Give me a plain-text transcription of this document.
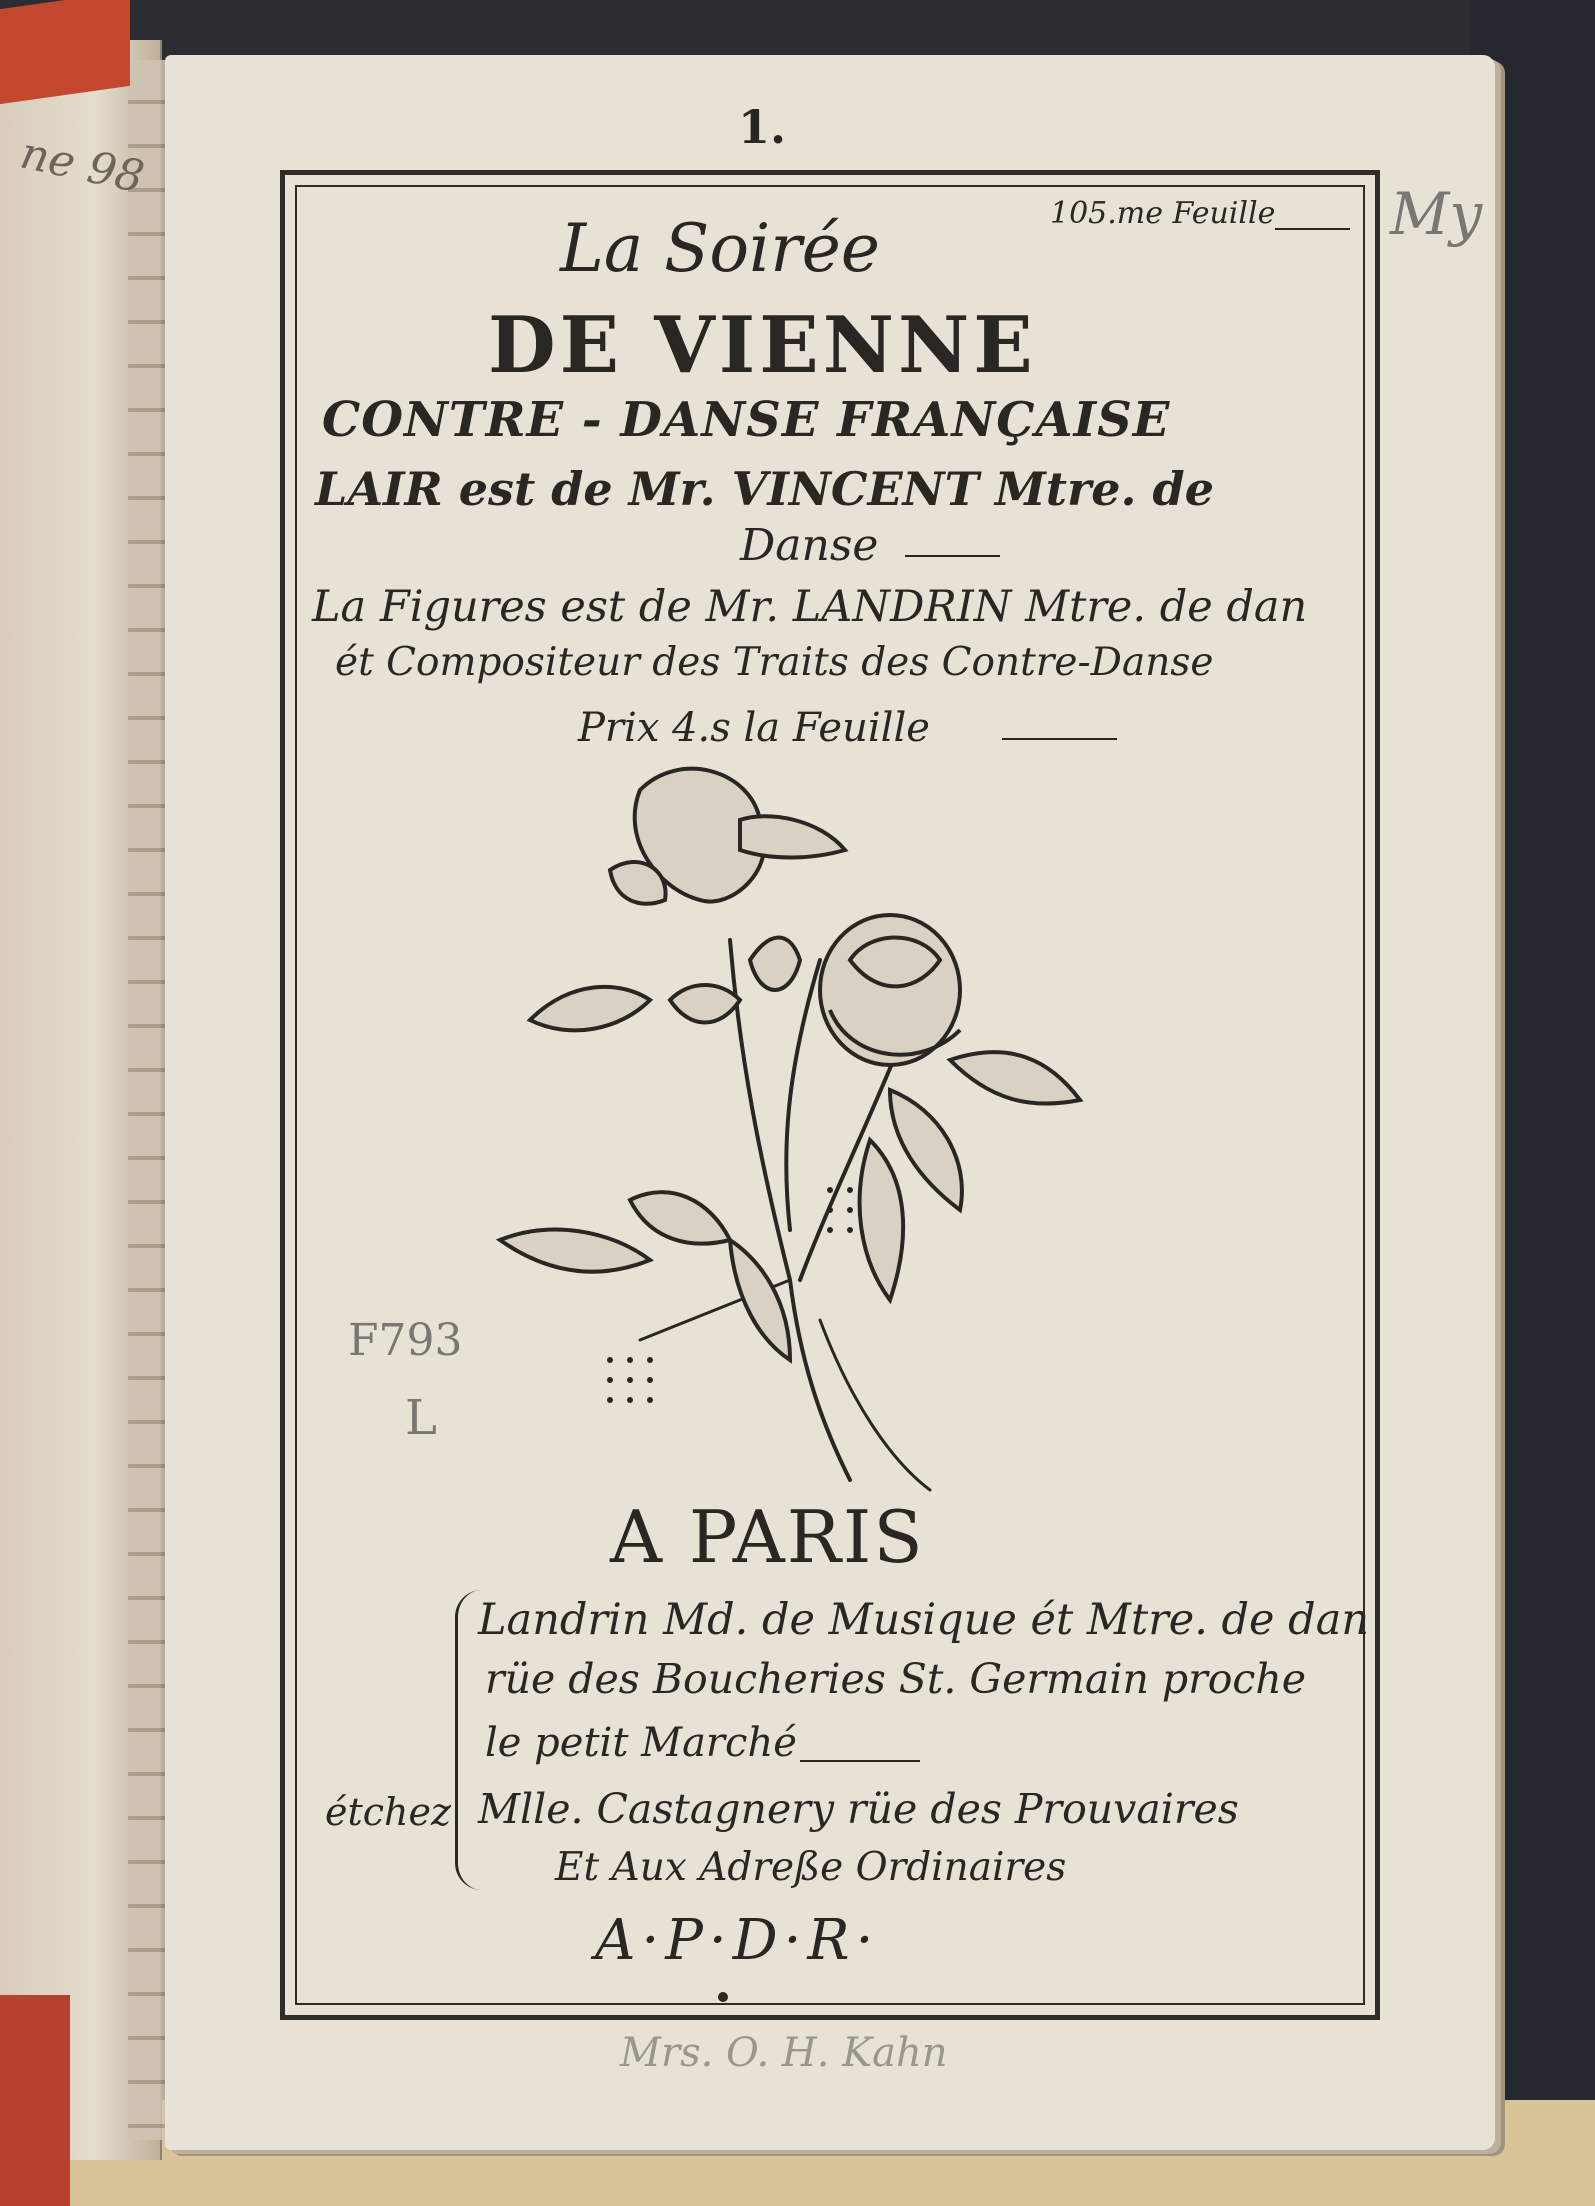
ne 98
1.
My
F793
L
Mrs. O. H. Kahn
105.me Feuille
La Soirée
DE VIENNE
CONTRE - DANSE FRANÇAISE
LAIR est de Mr. VINCENT Mtre. de
Danse
La Figures est de Mr. LANDRIN Mtre. de dan
ét Compositeur des Traits des Contre-Danse
Prix 4.s la Feuille
A PARIS
Landrin Md. de Musique ét Mtre. de dan
rüe des Boucheries St. Germain proche
le petit Marché
étchez Mlle. Castagnery rüe des Prouvaires
Et Aux Adreße Ordinaires
A·P·D·R·
